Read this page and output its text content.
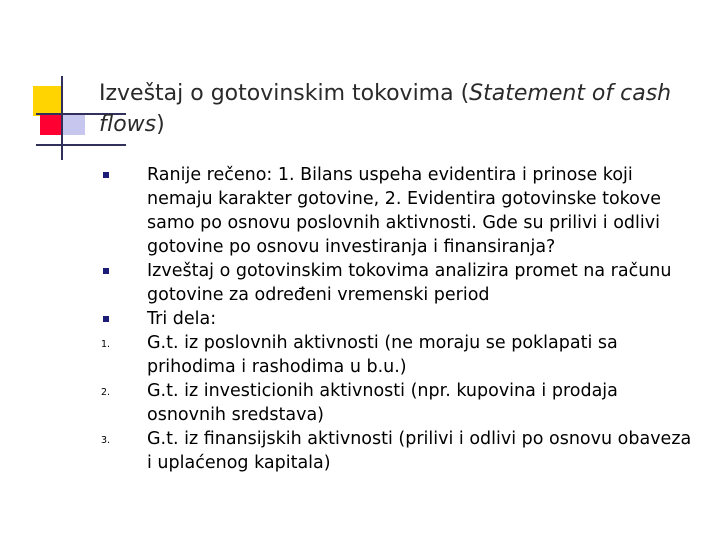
Izveštaj o gotovinskim tokovima (Statement of cash flows)
Ranije rečeno: 1. Bilans uspeha evidentira i prinose koji nemaju karakter gotovine, 2. Evidentira gotovinske tokove samo po osnovu poslovnih aktivnosti. Gde su prilivi i odlivi gotovine po osnovu investiranja i finansiranja?
Izveštaj o gotovinskim tokovima analizira promet na računu gotovine za određeni vremenski period
Tri dela:
1.	G.t. iz poslovnih aktivnosti (ne moraju se poklapati sa prihodima i rashodima u b.u.)
2.	G.t. iz investicionih aktivnosti (npr. kupovina i prodaja osnovnih sredstava)
3.	G.t. iz finansijskih aktivnosti (prilivi i odlivi po osnovu obaveza i uplaćenog kapitala)
